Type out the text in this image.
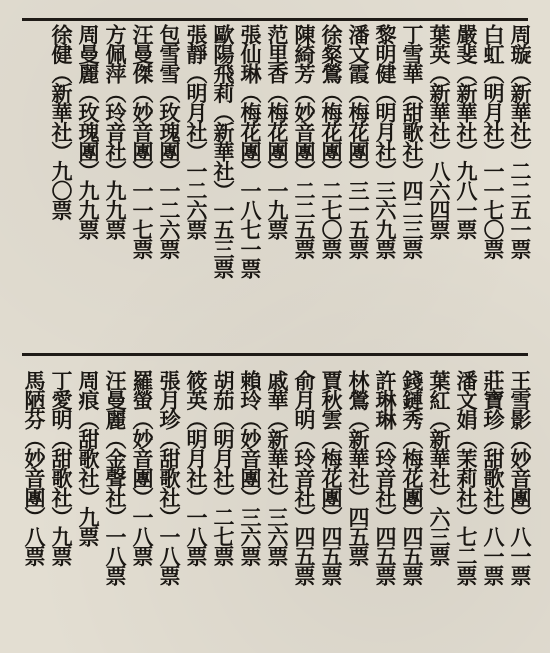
周璇（新華社）二二五一票
白虹（明月社）一一七〇票
嚴斐（新華社）九八一票
葉英（新華社）八六四票
丁雪華（甜歌社）四二三票
黎明健（明月社）三六九票
潘文霞（梅花團）三一五票
徐粲鶯（梅花團）二七〇票
陳綺芳（妙音團）二二五票
范里香（梅花團）一九票
張仙琳（梅花團）一八七一票
歐陽飛莉（新華社）一五三票
張靜（明月社）一二六票
包雪雪（玫瑰團）一二六票
汪曼傑（妙音團）一一七票
方佩萍（玲音社）九九票
周曼麗（玫瑰團）九九票
徐健（新華社）九〇票
王雪影（妙音團）八一票
莊寶珍（甜歌社）八一票
潘文娟（茉莉社）七二票
葉紅（新華社）六三票
錢鏈秀（梅花團）四五票
許琳琳（玲音社）四五票
林鶯（新華社）四五票
賈秋雲（梅花團）四五票
俞月明（玲音社）四五票
戚華（新華社）三六票
賴玲（妙音團）三六票
胡茄（明月社）二七票
筱英（明月社）一八票
張月珍（甜歌社）一八票
羅螢（妙音團）一八票
汪曼麗（金聲社）一八票
周痕（甜歌社）九票
丁愛明（甜歌社）九票
馬陋芬（妙音團）八票
